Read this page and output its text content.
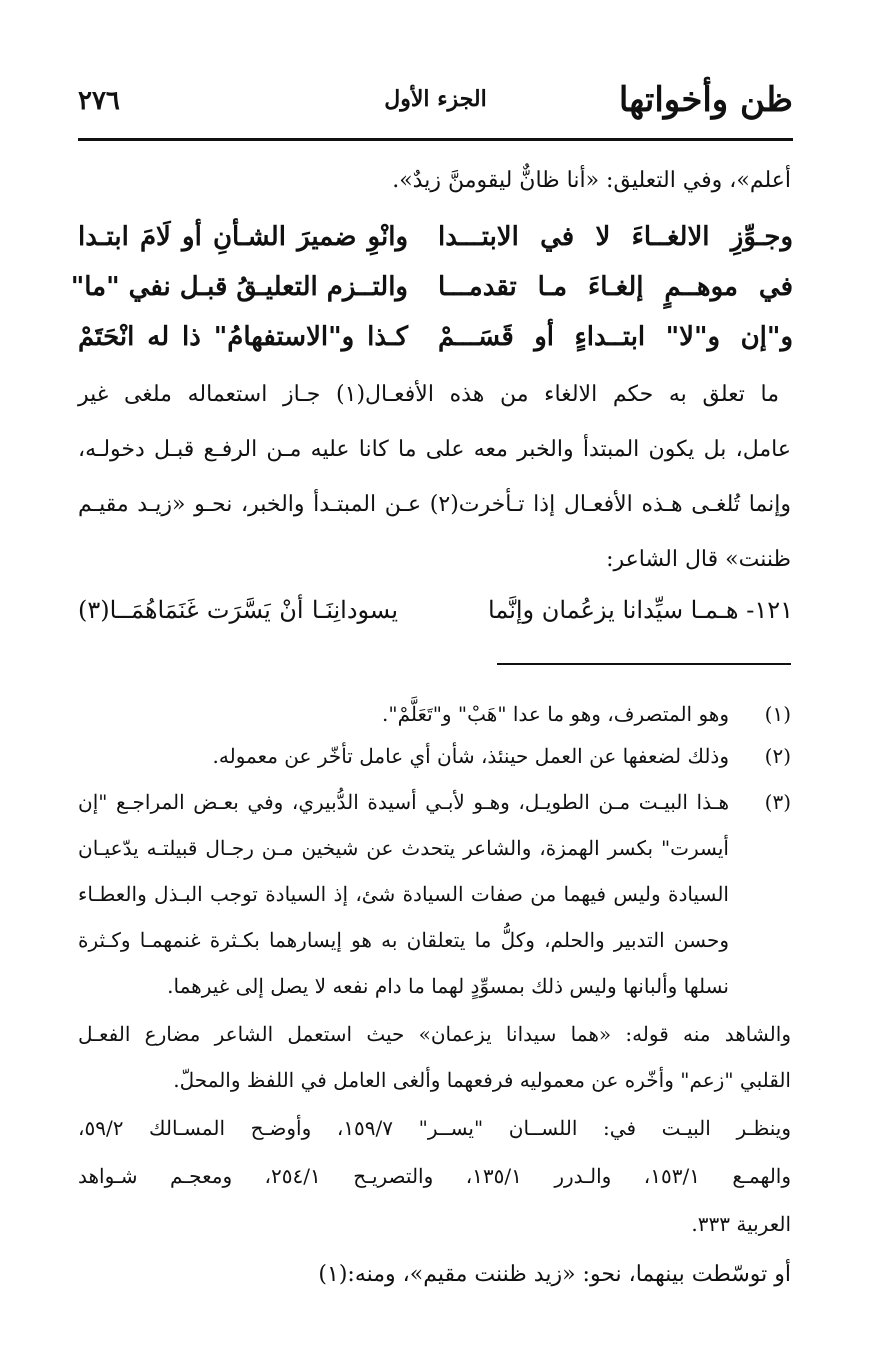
ظن وأخواتها
الجزء الأول
٢٧٦
أعلم»، وفي التعليق: «أنا ظانٌّ ليقومنَّ زيدٌ».
وجـوِّزِ الالغــاءَ لا في الابتـــدا
وانْوِ ضميرَ الشـأنِ أو لَامَ ابتـدا
في موهــمٍ إلغـاءَ مـا تقدمـــا
والتــزم التعليـقُ قبـل نفي "ما"
و"إن و"لا" ابتــداءٍ أو قَسَـــمْ
كـذا و"الاستفهامُ" ذا له انْحَتَمْ
ما تعلق به حكم الالغاء من هذه الأفعـال(١) جـاز استعماله ملغى غير
عامل، بل يكون المبتدأ والخبر معه على ما كانا عليه مـن الرفـع قبـل دخولـه،
وإنما تُلغـى هـذه الأفعـال إذا تـأخرت(٢) عـن المبتـدأ والخبر، نحـو «زيـد مقيـم
ظننت» قال الشاعر:
١٢١- هـمـا سيِّدانا يزعُمان وإنَّما
يسودانِنَـا أنْ يَسَّرَت غَنَمَاهُمَــا(٣)
(١)
وهو المتصرف، وهو ما عدا "هَبْ" و"تَعَلَّمْ".
(٢)
وذلك لضعفها عن العمل حينئذ، شأن أي عامل تأخّر عن معموله.
(٣)
هـذا البيـت مـن الطويـل، وهـو لأبـي أسيدة الدُّبيري، وفي بعـض المراجـع "إن
أيسرت" بكسر الهمزة، والشاعر يتحدث عن شيخين مـن رجـال قبيلتـه يدّعيـان
السيادة وليس فيهما من صفات السيادة شئ، إذ السيادة توجب البـذل والعطـاء
وحسن التدبير والحلم، وكلُّ ما يتعلقان به هو إيسارهما بكـثرة غنمهمـا وكـثرة
نسلها وألبانها وليس ذلك بمسوِّدٍ لهما ما دام نفعه لا يصل إلى غيرهما.
والشاهد منه قوله: «هما سيدانا يزعمان» حيث استعمل الشاعر مضارع الفعـل
القلبي "زعم" وأخّره عن معموليه فرفعهما وألغى العامل في اللفظ والمحلّ.
وينظـر البيـت في: اللســان "يســر" ١٥٩/٧، وأوضـح المسـالك ٥٩/٢،
والهمـع ١٥٣/١، والـدرر ١٣٥/١، والتصريـح ٢٥٤/١، ومعجـم شـواهد
العربية ٣٣٣.
أو توسّطت بينهما، نحو: «زيد ظننت مقيم»، ومنه:(١)
